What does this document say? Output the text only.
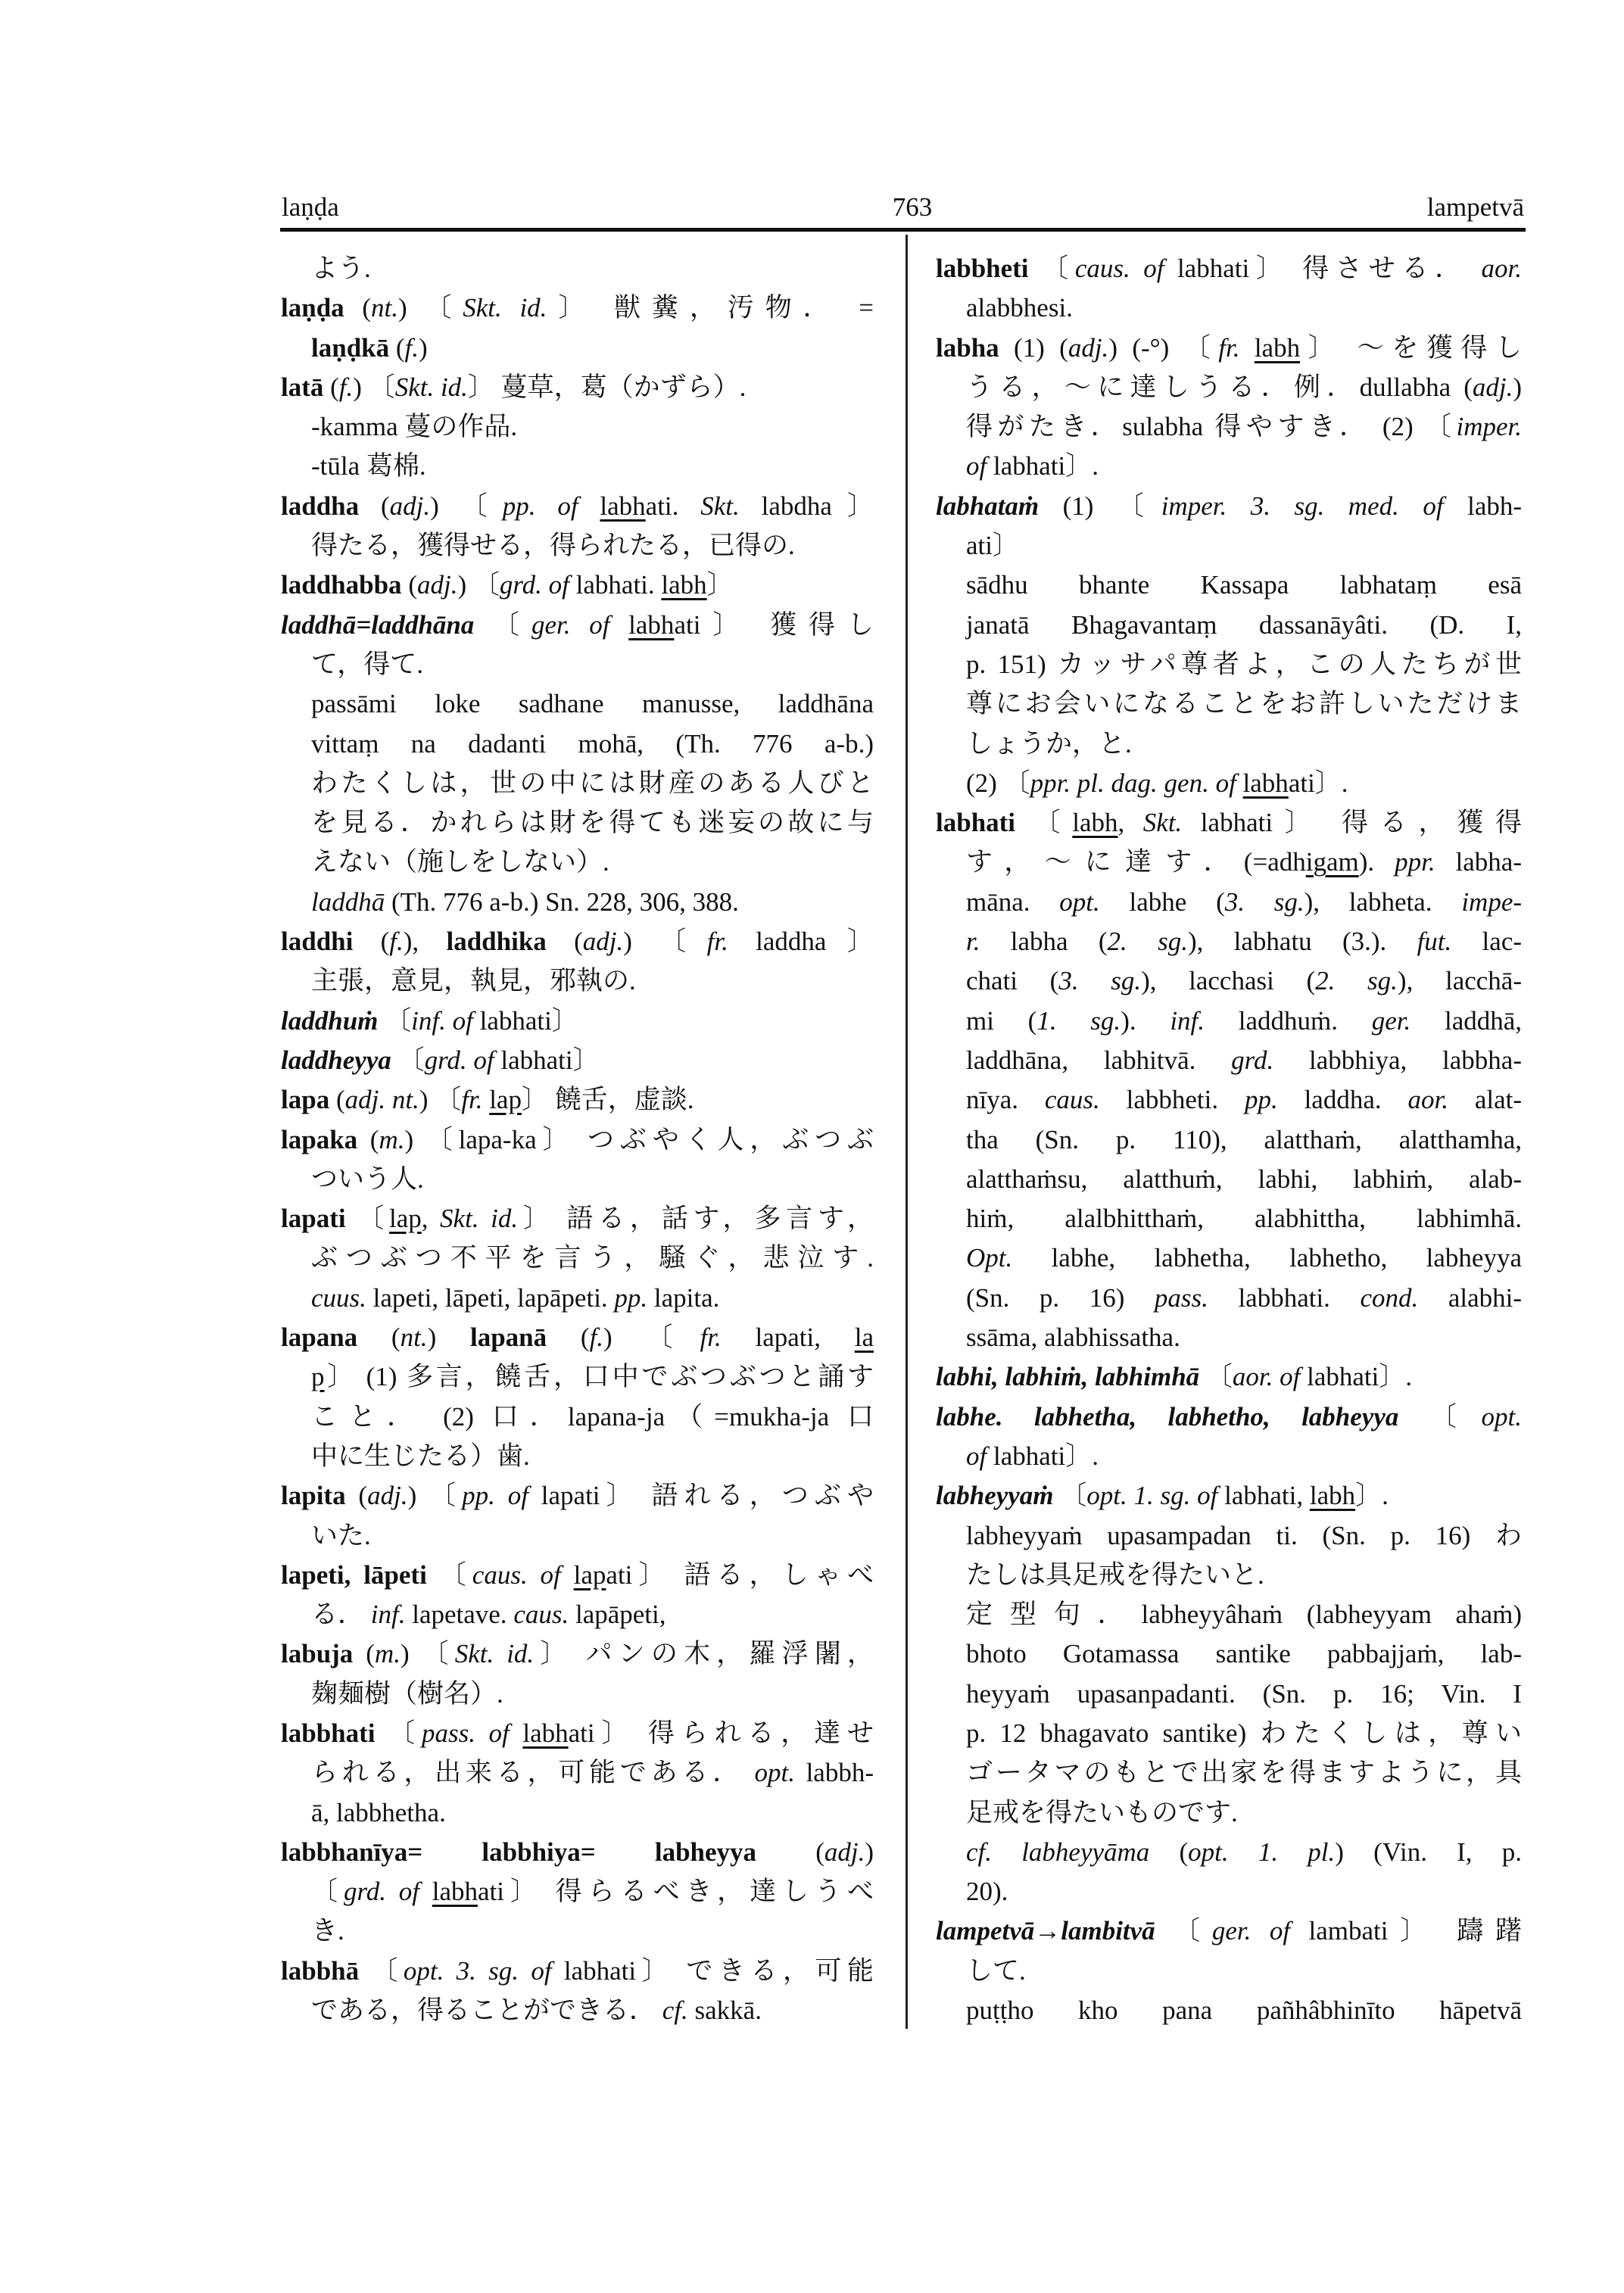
laṇḍa	763	lampetvā
よう.
laṇḍa (nt.) 〔Skt. id.〕 獣糞，汚物． =
laṇḍkā (f.)
latā (f.) 〔Skt. id.〕 蔓草，葛（かずら）.
-kamma 蔓の作品.
-tūla 葛棉.
laddha (adj.) 〔pp. of labhati. Skt. labdha〕
得たる，獲得せる，得られたる，已得の.
laddhabba (adj.) 〔grd. of labhati. labh〕
laddhā=laddhāna 〔ger. of labhati〕 獲得し
て，得て.
passāmi loke sadhane manusse, laddhāna
vittaṃ na dadanti mohā, (Th. 776 a-b.)
わたくしは，世の中には財産のある人びと
を見る．かれらは財を得ても迷妄の故に与
えない（施しをしない）.
laddhā (Th. 776 a-b.) Sn. 228, 306, 388.
laddhi (f.), laddhika (adj.) 〔fr. laddha〕
主張，意見，執見，邪執の.
laddhuṁ 〔inf. of labhati〕
laddheyya 〔grd. of labhati〕
lapa (adj. nt.) 〔fr. lap〕 饒舌，虚談.
lapaka (m.) 〔lapa-ka〕 つぶやく人，ぶつぶ
ついう人.
lapati 〔lap, Skt. id.〕 語る，話す，多言す，
ぶつぶつ不平を言う，騒ぐ，悲泣す.
cuus. lapeti, lāpeti, lapāpeti. pp. lapita.
lapana (nt.) lapanā (f.) 〔fr. lapati, la
p〕 (1) 多言，饒舌，口中でぶつぶつと誦す
こと． (2) 口．lapana-ja（=mukha-ja 口
中に生じたる）歯.
lapita (adj.) 〔pp. of lapati〕 語れる，つぶや
いた.
lapeti, lāpeti 〔caus. of lapati〕 語る，しゃべ
る． inf. lapetave. caus. lapāpeti,
labuja (m.) 〔Skt. id.〕 パンの木，羅浮闍，
麹麺樹（樹名）.
labbhati 〔pass. of labhati〕 得られる，達せ
られる，出来る，可能である． opt. labbh-
ā, labbhetha.
labbhanīya= labbhiya= labheyya (adj.)
〔grd. of labhati〕 得らるべき，達しうべ
き.
labbhā 〔opt. 3. sg. of labhati〕 できる，可能
である，得ることができる． cf. sakkā.
labbheti 〔caus. of labhati〕 得させる． aor.
alabbhesi.
labha (1) (adj.) (-°) 〔fr. labh〕 ～を獲得し
うる，～に達しうる．例．dullabha (adj.)
得がたき．sulabha 得やすき． (2) 〔imper.
of labhati〕.
labhataṁ (1) 〔imper. 3. sg. med. of labh-
ati〕
sādhu bhante Kassapa labhataṃ esā
janatā Bhagavantaṃ dassanāyâti. (D. I,
p. 151) カッサパ尊者よ，この人たちが世
尊にお会いになることをお許しいただけま
しょうか，と.
(2) 〔ppr. pl. dag. gen. of labhati〕.
labhati 〔labh, Skt. labhati〕 得る，獲得
す，～に達す．(=adhigam). ppr. labha-
māna. opt. labhe (3. sg.), labheta. impe-
r. labha (2. sg.), labhatu (3.). fut. lac-
chati (3. sg.), lacchasi (2. sg.), lacchā-
mi (1. sg.). inf. laddhuṁ. ger. laddhā,
laddhāna, labhitvā. grd. labbhiya, labbha-
nīya. caus. labbheti. pp. laddha. aor. alat-
tha (Sn. p. 110), alatthaṁ, alatthamha,
alatthaṁsu, alatthuṁ, labhi, labhiṁ, alab-
hiṁ, alalbhitthaṁ, alabhittha, labhimhā.
Opt. labhe, labhetha, labhetho, labheyya
(Sn. p. 16) pass. labbhati. cond. alabhi-
ssāma, alabhissatha.
labhi, labhiṁ, labhimhā 〔aor. of labhati〕.
labhe. labhetha, labhetho, labheyya 〔opt.
of labhati〕.
labheyyaṁ 〔opt. 1. sg. of labhati, labh〕.
labheyyaṁ upasampadan ti. (Sn. p. 16) わ
たしは具足戒を得たいと.
定型句．labheyyâhaṁ (labheyyam ahaṁ)
bhoto Gotamassa santike pabbajjaṁ, lab-
heyyaṁ upasanpadanti. (Sn. p. 16; Vin. I
p. 12 bhagavato santike) わたくしは，尊い
ゴータマのもとで出家を得ますように，具
足戒を得たいものです.
cf. labheyyāma (opt. 1. pl.) (Vin. I, p.
20).
lampetvā→lambitvā 〔ger. of lambati〕 躊躇
して.
puṭṭho kho pana pañhâbhinīto hāpetvā
